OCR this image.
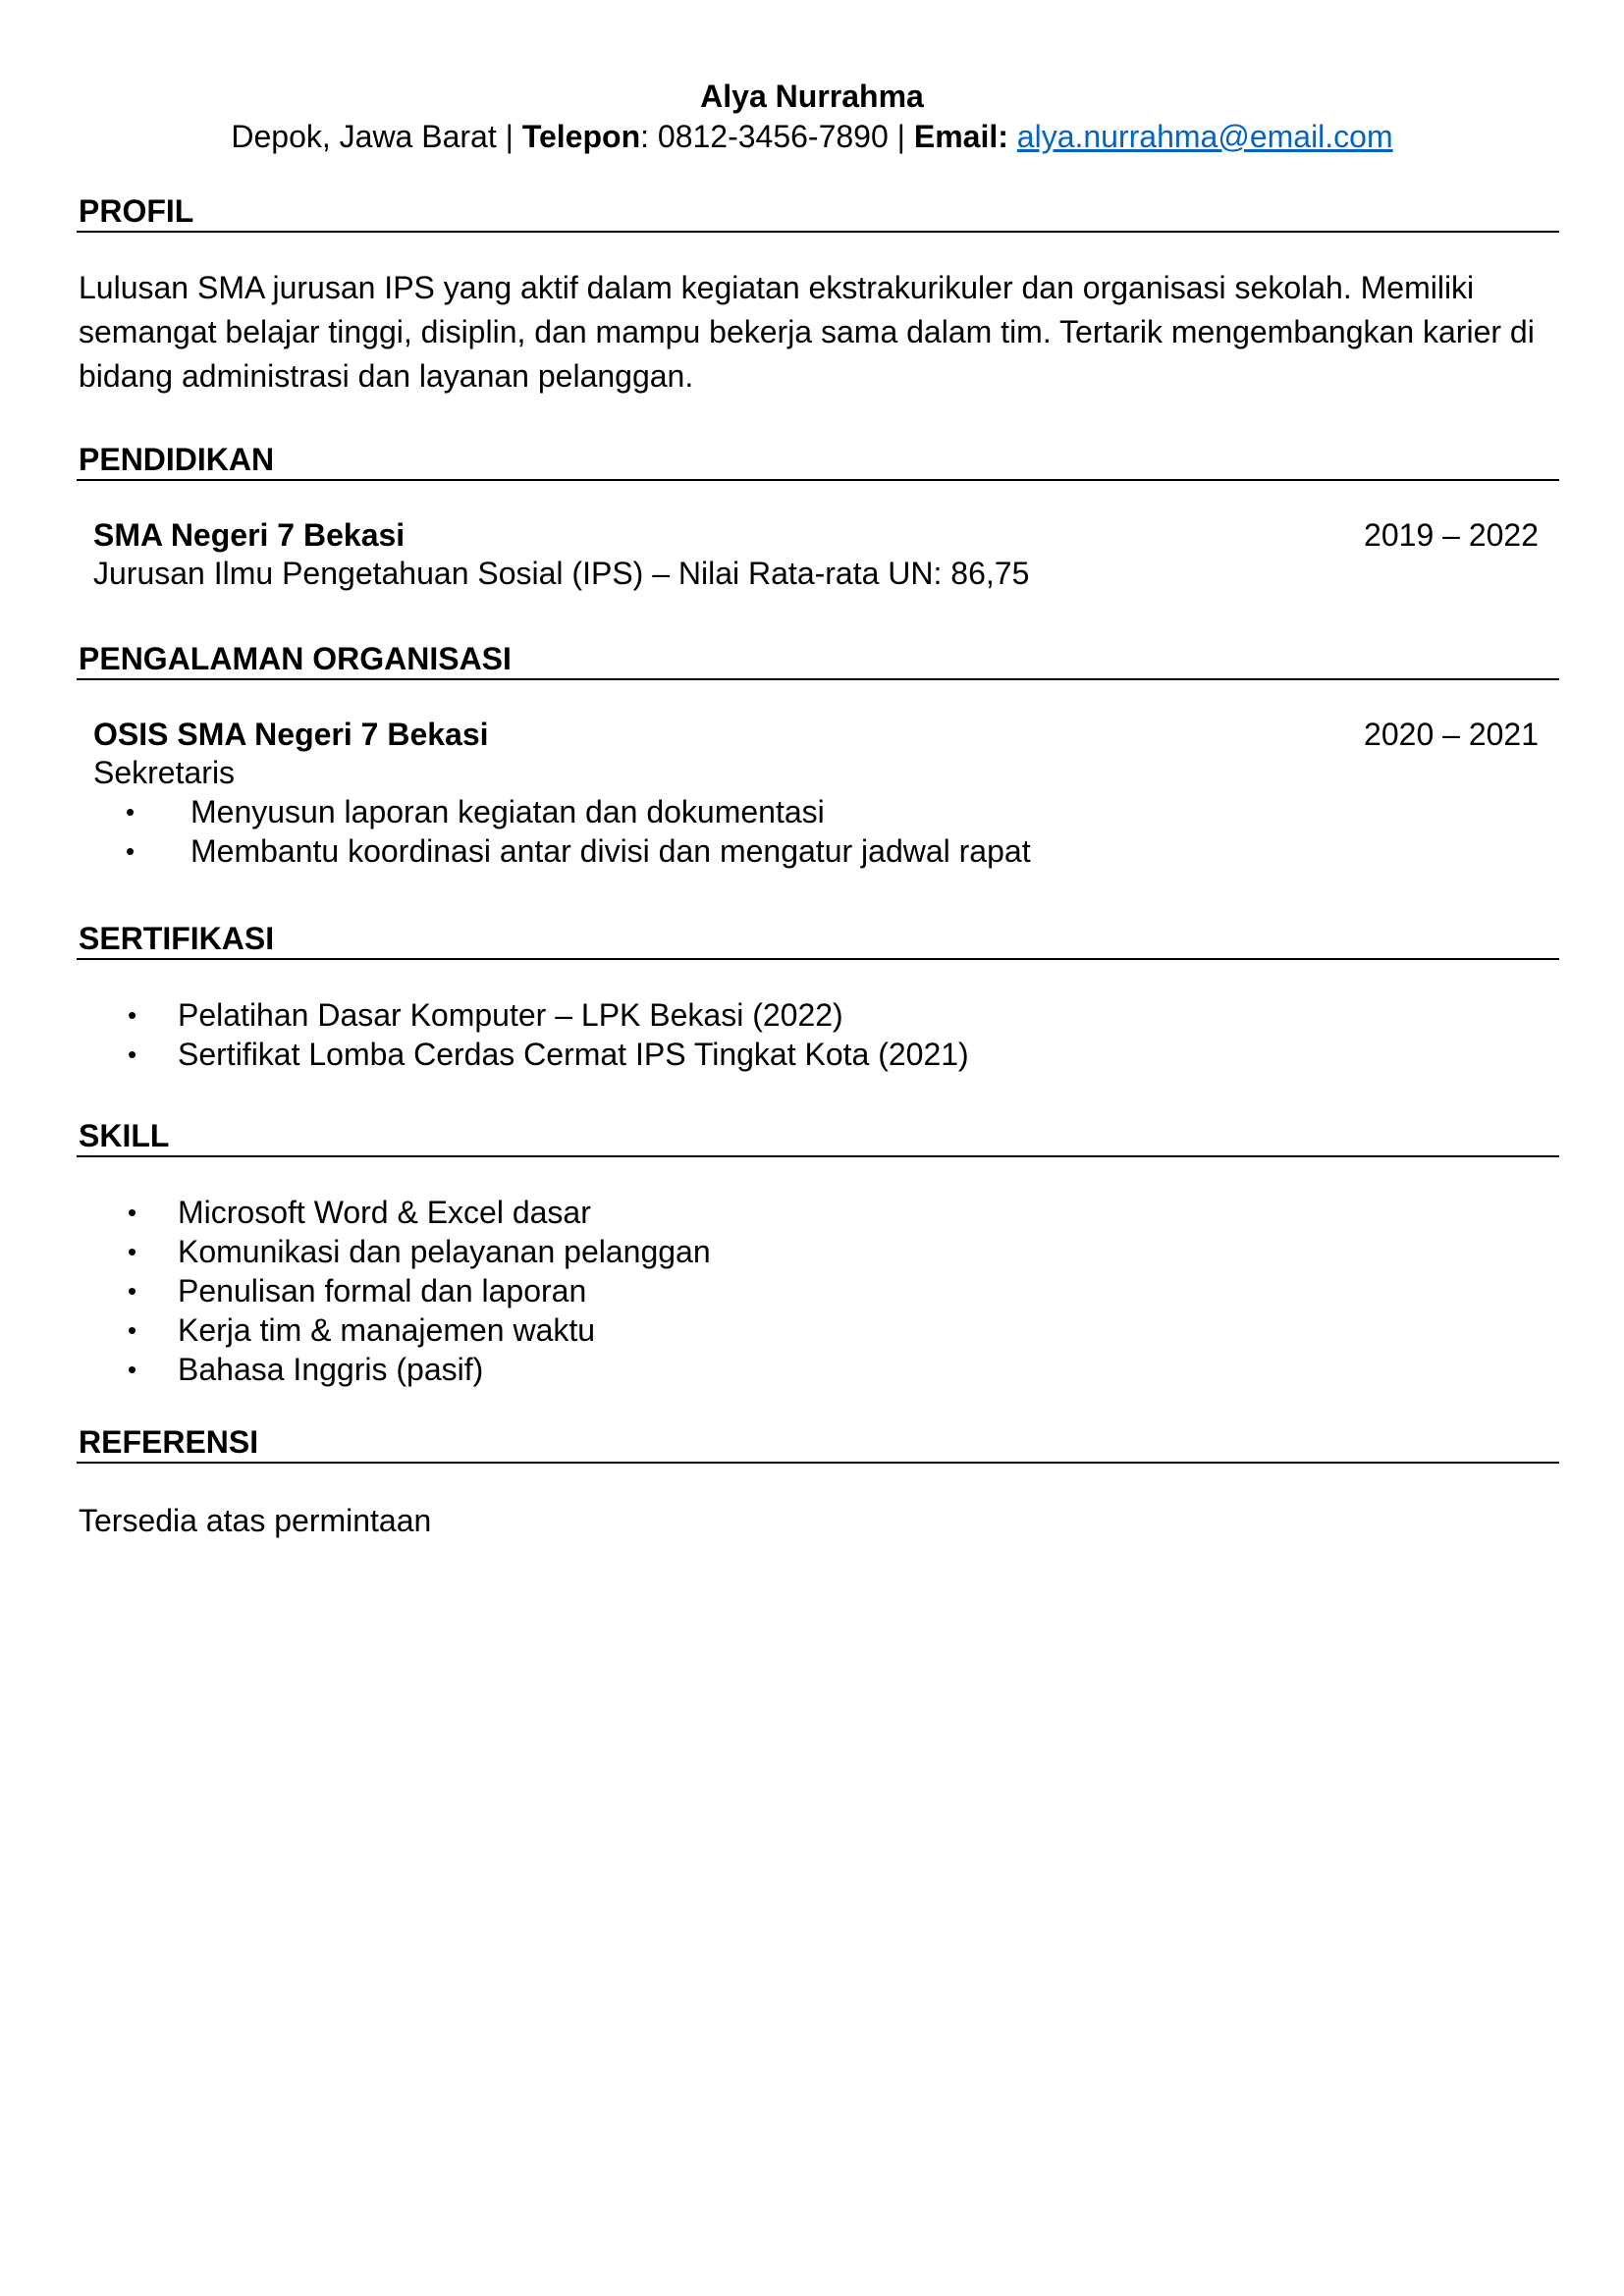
Alya Nurrahma
Depok, Jawa Barat | Telepon: 0812-3456-7890 | Email: alya.nurrahma@email.com
PROFIL
Lulusan SMA jurusan IPS yang aktif dalam kegiatan ekstrakurikuler dan organisasi sekolah. Memiliki semangat belajar tinggi, disiplin, dan mampu bekerja sama dalam tim. Tertarik mengembangkan karier di bidang administrasi dan layanan pelanggan.
PENDIDIKAN
SMA Negeri 7 Bekasi	2019 – 2022
Jurusan Ilmu Pengetahuan Sosial (IPS) – Nilai Rata-rata UN: 86,75
PENGALAMAN ORGANISASI
OSIS SMA Negeri 7 Bekasi	2020 – 2021
Sekretaris
• Menyusun laporan kegiatan dan dokumentasi
• Membantu koordinasi antar divisi dan mengatur jadwal rapat
SERTIFIKASI
• Pelatihan Dasar Komputer – LPK Bekasi (2022)
• Sertifikat Lomba Cerdas Cermat IPS Tingkat Kota (2021)
SKILL
• Microsoft Word & Excel dasar
• Komunikasi dan pelayanan pelanggan
• Penulisan formal dan laporan
• Kerja tim & manajemen waktu
• Bahasa Inggris (pasif)
REFERENSI
Tersedia atas permintaan
